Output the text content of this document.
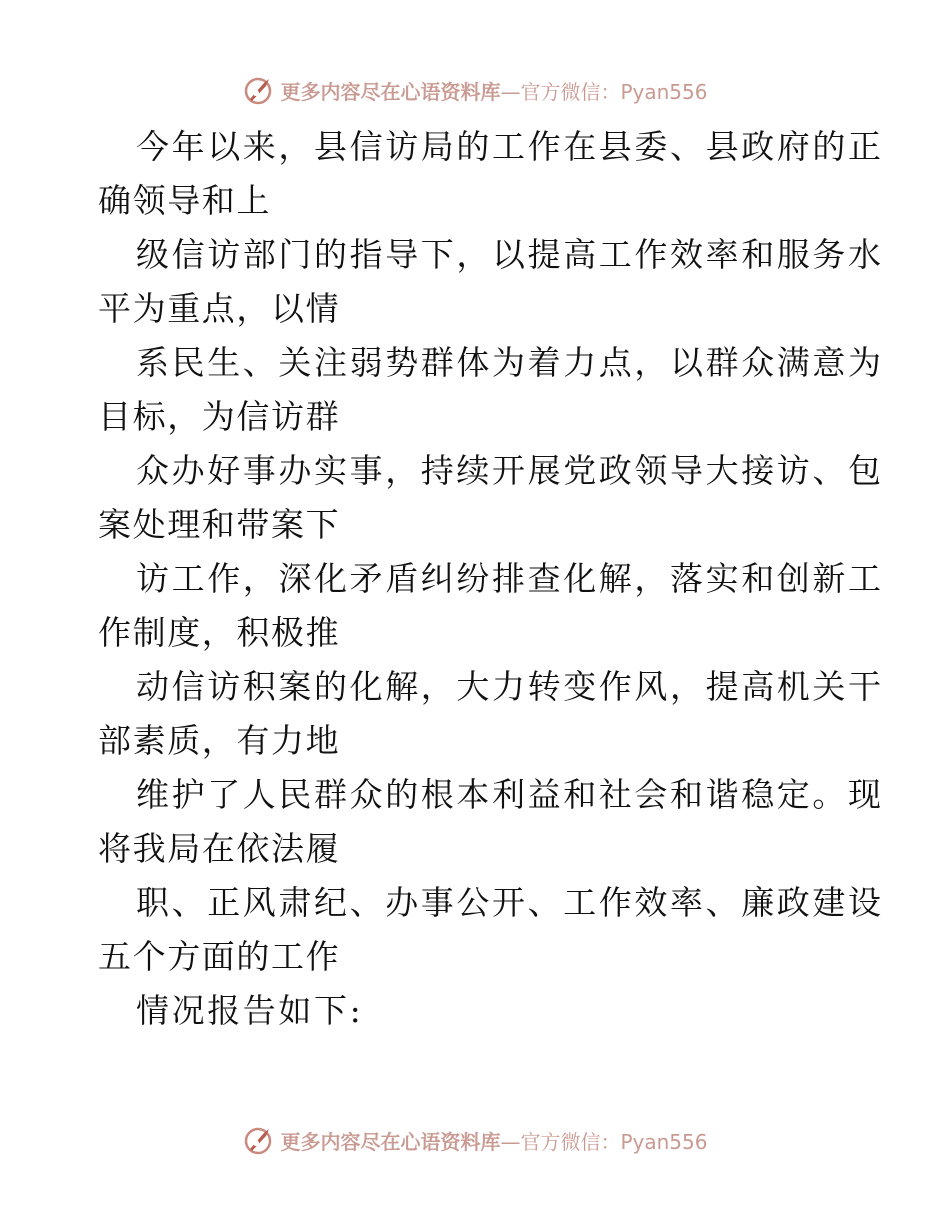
更多内容尽在心语资料库 —官方微信：Pyan556
今年以来，县信访局的工作在县委、县政府的正
确领导和上
级信访部门的指导下，以提高工作效率和服务水
平为重点，以情
系民生、关注弱势群体为着力点，以群众满意为
目标，为信访群
众办好事办实事，持续开展党政领导大接访、包
案处理和带案下
访工作，深化矛盾纠纷排查化解，落实和创新工
作制度，积极推
动信访积案的化解，大力转变作风，提高机关干
部素质，有力地
维护了人民群众的根本利益和社会和谐稳定。现
将我局在依法履
职、正风肃纪、办事公开、工作效率、廉政建设
五个方面的工作
情况报告如下:
更多内容尽在心语资料库 —官方微信：Pyan556
